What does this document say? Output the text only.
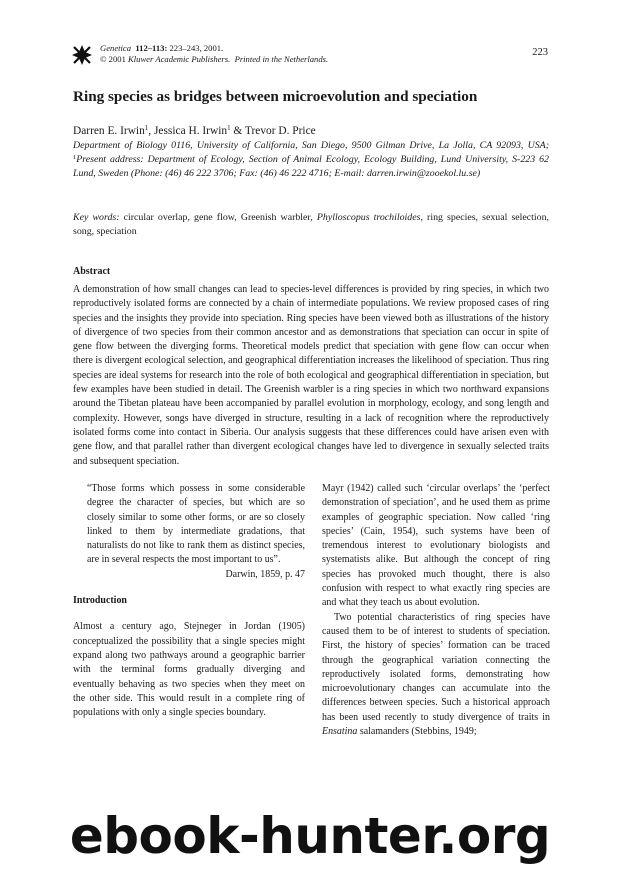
Genetica 112–113: 223–243, 2001.
© 2001 Kluwer Academic Publishers. Printed in the Netherlands.
223
Ring species as bridges between microevolution and speciation
Darren E. Irwin$^1$, Jessica H. Irwin$^1$ & Trevor D. Price
Department of Biology 0116, University of California, San Diego, 9500 Gilman Drive, La Jolla, CA 92093, USA; $^1$Present address: Department of Ecology, Section of Animal Ecology, Ecology Building, Lund University, S-223 62 Lund, Sweden (Phone: (46) 46 222 3706; Fax: (46) 46 222 4716; E-mail: darren.irwin@zooekol.lu.se)
Key words: circular overlap, gene flow, Greenish warbler, Phylloscopus trochiloides, ring species, sexual selection, song, speciation
Abstract
A demonstration of how small changes can lead to species-level differences is provided by ring species, in which two reproductively isolated forms are connected by a chain of intermediate populations. We review proposed cases of ring species and the insights they provide into speciation. Ring species have been viewed both as illustrations of the history of divergence of two species from their common ancestor and as demonstrations that speciation can occur in spite of gene flow between the diverging forms. Theoretical models predict that speciation with gene flow can occur when there is divergent ecological selection, and geographical differentiation increases the likelihood of speciation. Thus ring species are ideal systems for research into the role of both ecological and geographical differentiation in speciation, but few examples have been studied in detail. The Greenish warbler is a ring species in which two northward expansions around the Tibetan plateau have been accompanied by parallel evolution in morphology, ecology, and song length and complexity. However, songs have diverged in structure, resulting in a lack of recognition where the reproductively isolated forms come into contact in Siberia. Our analysis suggests that these differences could have arisen even with gene flow, and that parallel rather than divergent ecological changes have led to divergence in sexually selected traits and subsequent speciation.

“Those forms which possess in some considerable degree the character of species, but which are so closely similar to some other forms, or are so closely linked to them by intermediate gradations, that naturalists do not like to rank them as distinct species, are in several respects the most important to us”.

Darwin, 1859, p. 47

Introduction

Almost a century ago, Stejneger in Jordan (1905) conceptualized the possibility that a single species might expand along two pathways around a geographic barrier with the terminal forms gradually diverging and eventually behaving as two species when they meet on the other side. This would result in a complete ring of populations with only a single species boundary.

Mayr (1942) called such ‘circular overlaps’ the ‘perfect demonstration of speciation’, and he used them as prime examples of geographic speciation. Now called ‘ring species’ (Cain, 1954), such systems have been of tremendous interest to evolutionary biologists and systematists alike. But although the concept of ring species has provoked much thought, there is also confusion with respect to what exactly ring species are and what they teach us about evolution.

Two potential characteristics of ring species have caused them to be of interest to students of speciation. First, the history of species’ formation can be traced through the geographical variation connecting the reproductively isolated forms, demonstrating how microevolutionary changes can accumulate into the differences between species. Such a historical approach has been used recently to study divergence of traits in Ensatina salamanders (Stebbins, 1949;

ebook-hunter.org
